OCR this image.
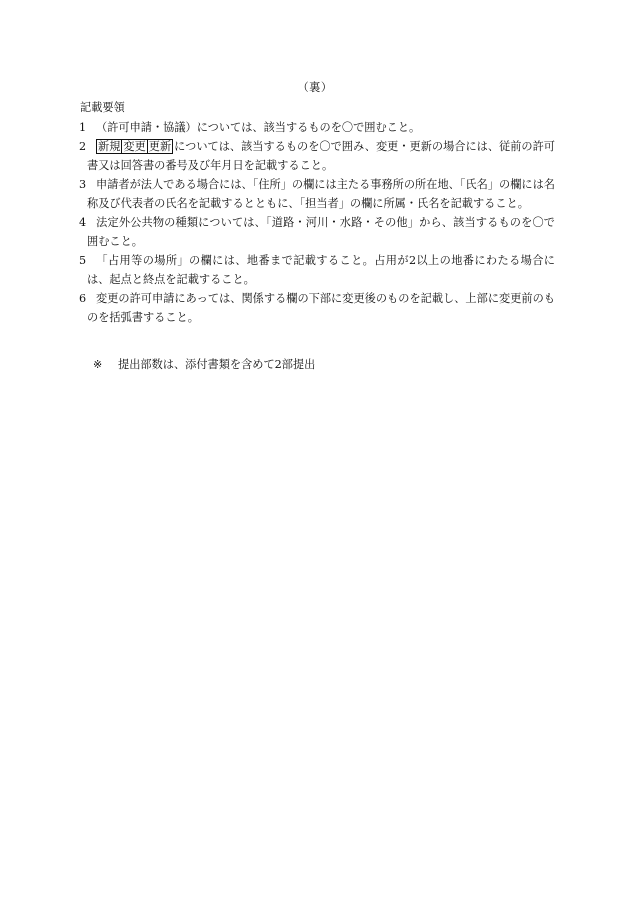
（裏）
記載要領
1 （許可申請・協議）については、該当するものを〇で囲むこと。
2 新規 変更 更新 については、該当するものを〇で囲み、変更・更新の場合には、従前の許可書又は回答書の番号及び年月日を記載すること。
3 申請者が法人である場合には、「住所」の欄には主たる事務所の所在地、「氏名」の欄には名称及び代表者の氏名を記載するとともに、「担当者」の欄に所属・氏名を記載すること。
4 法定外公共物の種類については、「道路・河川・水路・その他」から、該当するものを〇で囲むこと。
5 「占用等の場所」の欄には、地番まで記載すること。占用が2以上の地番にわたる場合には、起点と終点を記載すること。
6 変更の許可申請にあっては、関係する欄の下部に変更後のものを記載し、上部に変更前のものを括弧書すること。
※ 提出部数は、添付書類を含めて2部提出
